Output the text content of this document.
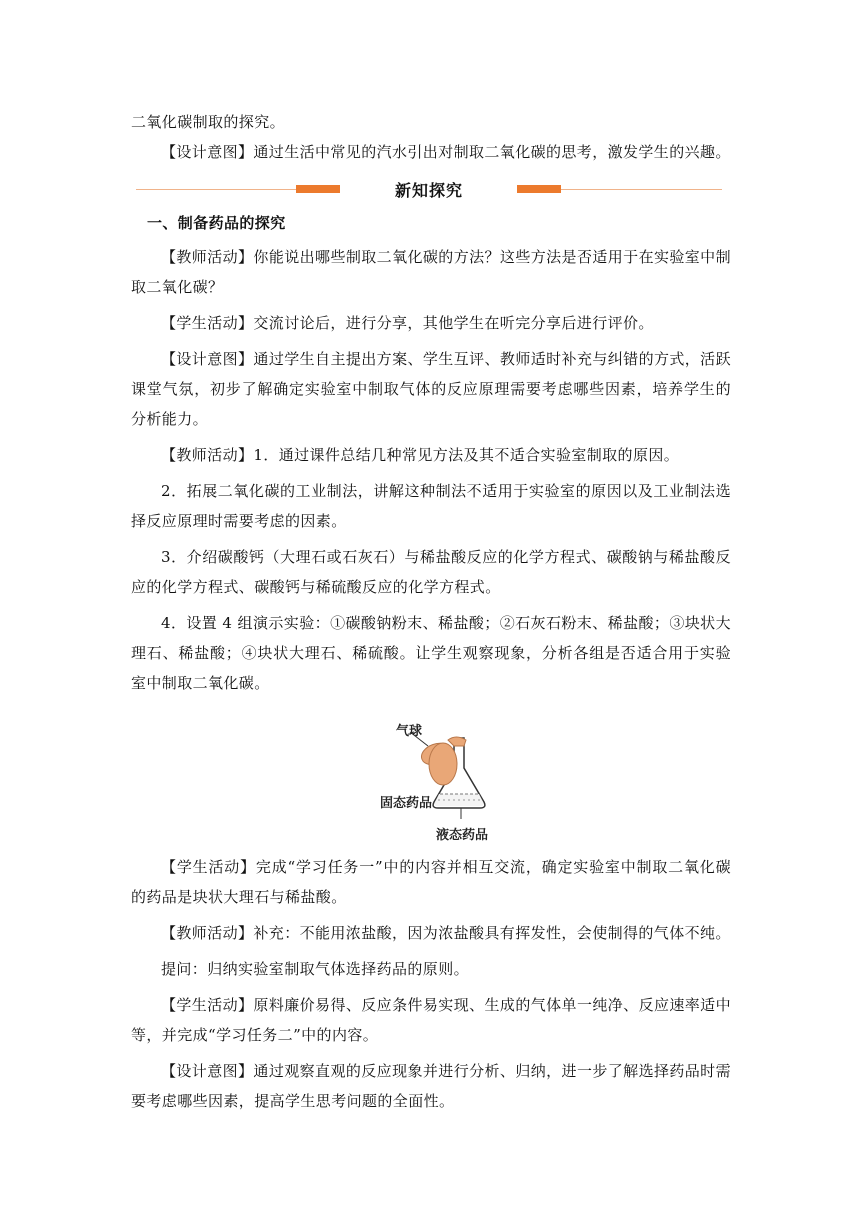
二氧化碳制取的探究。

【设计意图】通过生活中常见的汽水引出对制取二氧化碳的思考，激发学生的兴趣。

新知探究

一、制备药品的探究

【教师活动】你能说出哪些制取二氧化碳的方法？这些方法是否适用于在实验室中制取二氧化碳？

【学生活动】交流讨论后，进行分享，其他学生在听完分享后进行评价。

【设计意图】通过学生自主提出方案、学生互评、教师适时补充与纠错的方式，活跃课堂气氛，初步了解确定实验室中制取气体的反应原理需要考虑哪些因素，培养学生的分析能力。

【教师活动】1．通过课件总结几种常见方法及其不适合实验室制取的原因。

2．拓展二氧化碳的工业制法，讲解这种制法不适用于实验室的原因以及工业制法选择反应原理时需要考虑的因素。

3．介绍碳酸钙（大理石或石灰石）与稀盐酸反应的化学方程式、碳酸钠与稀盐酸反应的化学方程式、碳酸钙与稀硫酸反应的化学方程式。

4．设置 4 组演示实验：①碳酸钠粉末、稀盐酸；②石灰石粉末、稀盐酸；③块状大理石、稀盐酸；④块状大理石、稀硫酸。让学生观察现象，分析各组是否适合用于实验室中制取二氧化碳。

气球
固态药品
液态药品

【学生活动】完成“学习任务一”中的内容并相互交流，确定实验室中制取二氧化碳的药品是块状大理石与稀盐酸。

【教师活动】补充：不能用浓盐酸，因为浓盐酸具有挥发性，会使制得的气体不纯。

提问：归纳实验室制取气体选择药品的原则。

【学生活动】原料廉价易得、反应条件易实现、生成的气体单一纯净、反应速率适中等，并完成“学习任务二”中的内容。

【设计意图】通过观察直观的反应现象并进行分析、归纳，进一步了解选择药品时需要考虑哪些因素，提高学生思考问题的全面性。
